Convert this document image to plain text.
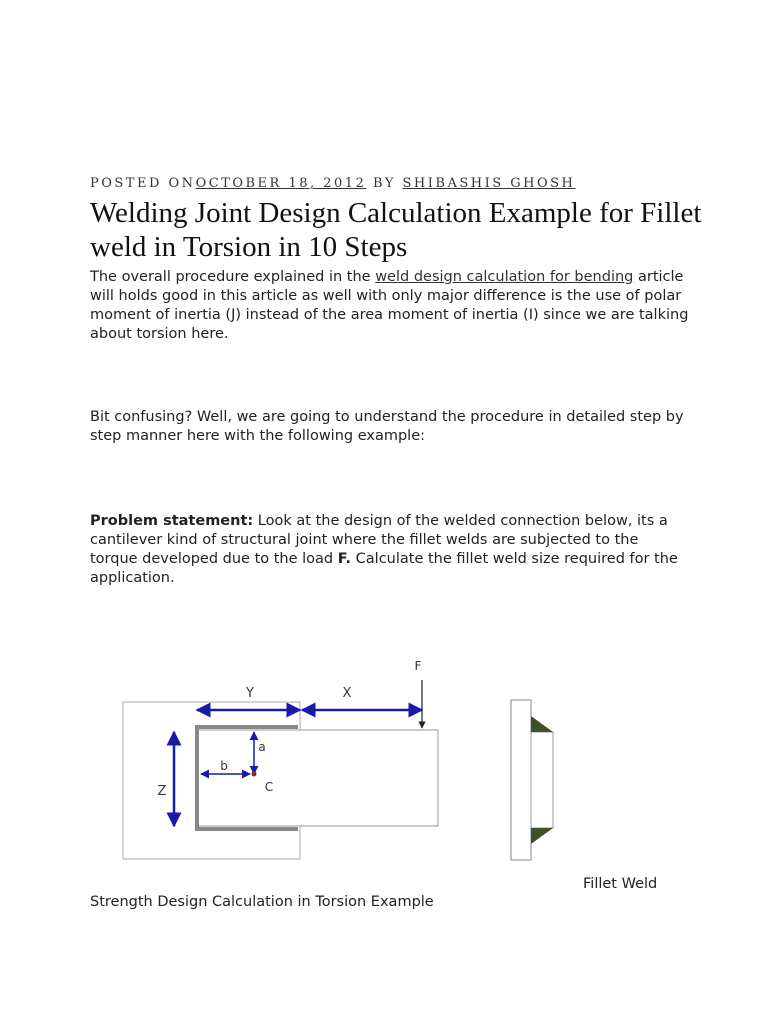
POSTED ONOCTOBER 18, 2012 BY SHIBASHIS GHOSH
Welding Joint Design Calculation Example for Fillet weld in Torsion in 10 Steps

The overall procedure explained in the weld design calculation for bending article will holds good in this article as well with only major difference is the use of polar moment of inertia (J) instead of the area moment of inertia (I) since we are talking about torsion here.

Bit confusing? Well, we are going to understand the procedure in detailed step by step manner here with the following example:

Problem statement: Look at the design of the welded connection below, its a cantilever kind of structural joint where the fillet welds are subjected to the torque developed due to the load F. Calculate the fillet weld size required for the application.

Y	X
F
Z
a
b
C
Fillet Weld
Strength Design Calculation in Torsion Example
